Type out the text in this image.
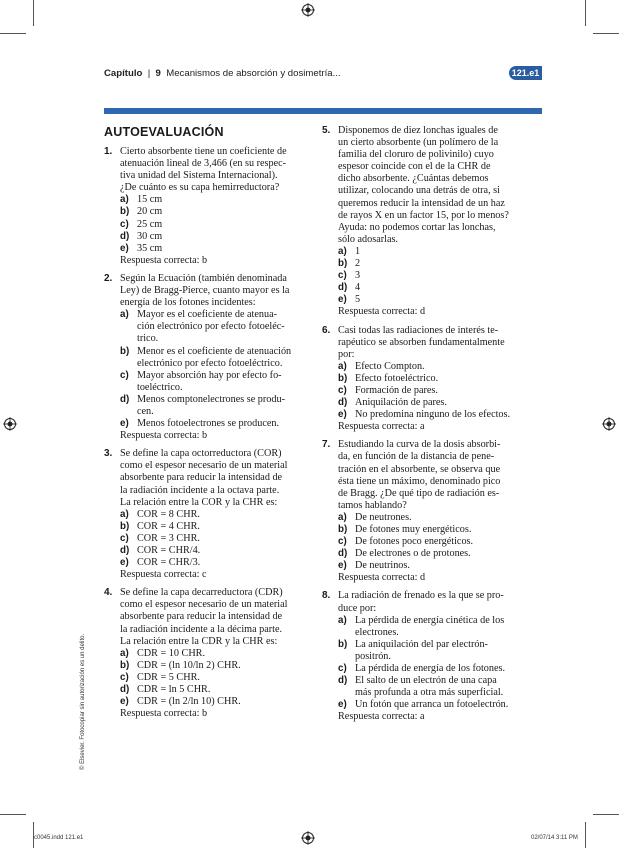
Capítulo  |  9 Mecanismos de absorción y dosimetría...	121.e1
AUTOEVALUACIÓN
1. Cierto absorbente tiene un coeficiente de
atenuación lineal de 3,466 (en su respec-
tiva unidad del Sistema Internacional).
¿De cuánto es su capa hemirreductora?
a) 15 cm
b) 20 cm
c) 25 cm
d) 30 cm
e) 35 cm
Respuesta correcta: b
2. Según la Ecuación (también denominada
Ley) de Bragg-Pierce, cuanto mayor es la
energía de los fotones incidentes:
a) Mayor es el coeficiente de atenua-
ción electrónico por efecto fotoeléc-
trico.
b) Menor es el coeficiente de atenuación
electrónico por efecto fotoeléctrico.
c) Mayor absorción hay por efecto fo-
toeléctrico.
d) Menos comptonelectrones se produ-
cen.
e) Menos fotoelectrones se producen.
Respuesta correcta: b
3. Se define la capa octorreductora (COR)
como el espesor necesario de un material
absorbente para reducir la intensidad de
la radiación incidente a la octava parte.
La relación entre la COR y la CHR es:
a) COR = 8 CHR.
b) COR = 4 CHR.
c) COR = 3 CHR.
d) COR = CHR/4.
e) COR = CHR/3.
Respuesta correcta: c
4. Se define la capa decarreductora (CDR)
como el espesor necesario de un material
absorbente para reducir la intensidad de
la radiación incidente a la décima parte.
La relación entre la CDR y la CHR es:
a) CDR = 10 CHR.
b) CDR = (ln 10/ln 2) CHR.
c) CDR = 5 CHR.
d) CDR = ln 5 CHR.
e) CDR = (ln 2/ln 10) CHR.
Respuesta correcta: b
5. Disponemos de diez lonchas iguales de
un cierto absorbente (un polímero de la
familia del cloruro de polivinilo) cuyo
espesor coincide con el de la CHR de
dicho absorbente. ¿Cuántas debemos
utilizar, colocando una detrás de otra, si
queremos reducir la intensidad de un haz
de rayos X en un factor 15, por lo menos?
Ayuda: no podemos cortar las lonchas,
sólo adosarlas.
a) 1
b) 2
c) 3
d) 4
e) 5
Respuesta correcta: d
6. Casi todas las radiaciones de interés te-
rapéutico se absorben fundamentalmente
por:
a) Efecto Compton.
b) Efecto fotoeléctrico.
c) Formación de pares.
d) Aniquilación de pares.
e) No predomina ninguno de los efectos.
Respuesta correcta: a
7. Estudiando la curva de la dosis absorbi-
da, en función de la distancia de pene-
tración en el absorbente, se observa que
ésta tiene un máximo, denominado pico
de Bragg. ¿De qué tipo de radiación es-
tamos hablando?
a) De neutrones.
b) De fotones muy energéticos.
c) De fotones poco energéticos.
d) De electrones o de protones.
e) De neutrinos.
Respuesta correcta: d
8. La radiación de frenado es la que se pro-
duce por:
a) La pérdida de energía cinética de los
electrones.
b) La aniquilación del par electrón-
positrón.
c) La pérdida de energía de los fotones.
d) El salto de un electrón de una capa
más profunda a otra más superficial.
e) Un fotón que arranca un fotoelectrón.
Respuesta correcta: a
© Elsevier. Fotocopiar sin autorización es un delito.
c0045.indd 121.e1	02/07/14 3:11 PM
